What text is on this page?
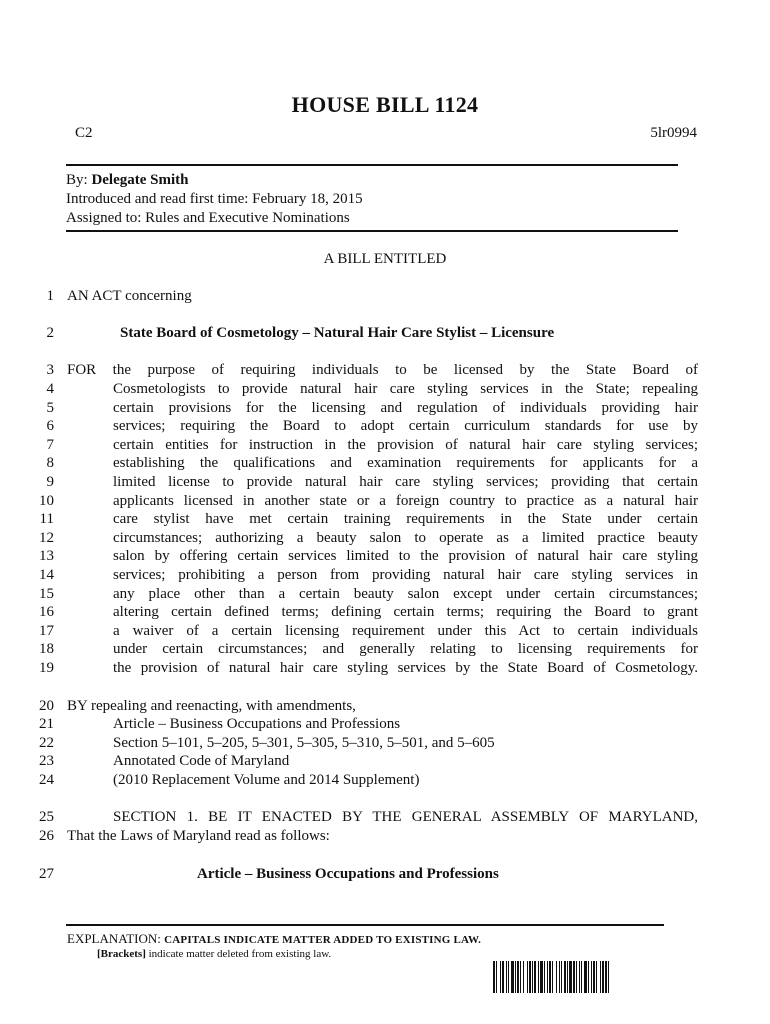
HOUSE BILL 1124
C2	5lr0994
By: Delegate Smith
Introduced and read first time: February 18, 2015
Assigned to: Rules and Executive Nominations
A BILL ENTITLED
1 AN ACT concerning
2	State Board of Cosmetology – Natural Hair Care Stylist – Licensure
3 FOR the purpose of requiring individuals to be licensed by the State Board of
4	Cosmetologists to provide natural hair care styling services in the State; repealing
5	certain provisions for the licensing and regulation of individuals providing hair
6	services; requiring the Board to adopt certain curriculum standards for use by
7	certain entities for instruction in the provision of natural hair care styling services;
8	establishing the qualifications and examination requirements for applicants for a
9	limited license to provide natural hair care styling services; providing that certain
10	applicants licensed in another state or a foreign country to practice as a natural hair
11	care stylist have met certain training requirements in the State under certain
12	circumstances; authorizing a beauty salon to operate as a limited practice beauty
13	salon by offering certain services limited to the provision of natural hair care styling
14	services; prohibiting a person from providing natural hair care styling services in
15	any place other than a certain beauty salon except under certain circumstances;
16	altering certain defined terms; defining certain terms; requiring the Board to grant
17	a waiver of a certain licensing requirement under this Act to certain individuals
18	under certain circumstances; and generally relating to licensing requirements for
19	the provision of natural hair care styling services by the State Board of Cosmetology.
20 BY repealing and reenacting, with amendments,
21	Article – Business Occupations and Professions
22	Section 5–101, 5–205, 5–301, 5–305, 5–310, 5–501, and 5–605
23	Annotated Code of Maryland
24	(2010 Replacement Volume and 2014 Supplement)
25	SECTION 1. BE IT ENACTED BY THE GENERAL ASSEMBLY OF MARYLAND,
26 That the Laws of Maryland read as follows:
27	Article – Business Occupations and Professions
EXPLANATION: CAPITALS INDICATE MATTER ADDED TO EXISTING LAW.
[Brackets] indicate matter deleted from existing law.
